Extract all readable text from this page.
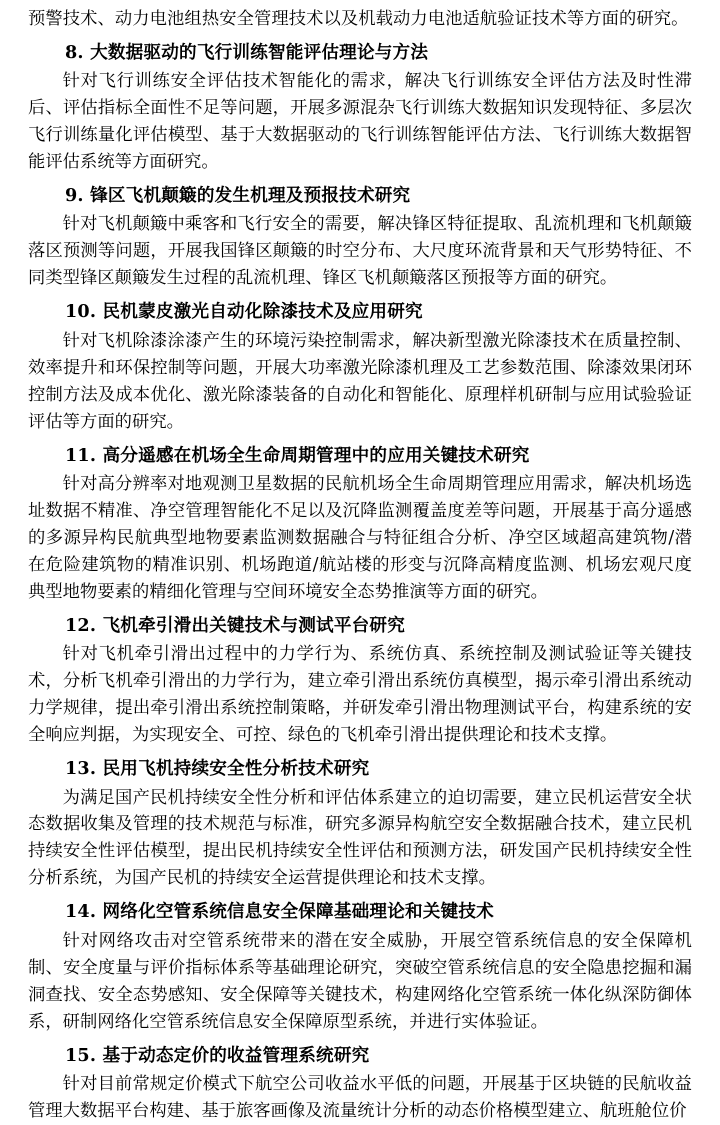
预警技术、动力电池组热安全管理技术以及机载动力电池适航验证技术等方面的研究。

8. 大数据驱动的飞行训练智能评估理论与方法

针对飞行训练安全评估技术智能化的需求，解决飞行训练安全评估方法及时性滞后、评估指标全面性不足等问题，开展多源混杂飞行训练大数据知识发现特征、多层次飞行训练量化评估模型、基于大数据驱动的飞行训练智能评估方法、飞行训练大数据智能评估系统等方面研究。

9. 锋区飞机颠簸的发生机理及预报技术研究

针对飞机颠簸中乘客和飞行安全的需要，解决锋区特征提取、乱流机理和飞机颠簸落区预测等问题，开展我国锋区颠簸的时空分布、大尺度环流背景和天气形势特征、不同类型锋区颠簸发生过程的乱流机理、锋区飞机颠簸落区预报等方面的研究。

10. 民机蒙皮激光自动化除漆技术及应用研究

针对飞机除漆涂漆产生的环境污染控制需求，解决新型激光除漆技术在质量控制、效率提升和环保控制等问题，开展大功率激光除漆机理及工艺参数范围、除漆效果闭环控制方法及成本优化、激光除漆装备的自动化和智能化、原理样机研制与应用试验验证评估等方面的研究。

11. 高分遥感在机场全生命周期管理中的应用关键技术研究

针对高分辨率对地观测卫星数据的民航机场全生命周期管理应用需求，解决机场选址数据不精准、净空管理智能化不足以及沉降监测覆盖度差等问题，开展基于高分遥感的多源异构民航典型地物要素监测数据融合与特征组合分析、净空区域超高建筑物/潜在危险建筑物的精准识别、机场跑道/航站楼的形变与沉降高精度监测、机场宏观尺度典型地物要素的精细化管理与空间环境安全态势推演等方面的研究。

12. 飞机牵引滑出关键技术与测试平台研究

针对飞机牵引滑出过程中的力学行为、系统仿真、系统控制及测试验证等关键技术，分析飞机牵引滑出的力学行为，建立牵引滑出系统仿真模型，揭示牵引滑出系统动力学规律，提出牵引滑出系统控制策略，并研发牵引滑出物理测试平台，构建系统的安全响应判据，为实现安全、可控、绿色的飞机牵引滑出提供理论和技术支撑。

13. 民用飞机持续安全性分析技术研究

为满足国产民机持续安全性分析和评估体系建立的迫切需要，建立民机运营安全状态数据收集及管理的技术规范与标准，研究多源异构航空安全数据融合技术，建立民机持续安全性评估模型，提出民机持续安全性评估和预测方法，研发国产民机持续安全性分析系统，为国产民机的持续安全运营提供理论和技术支撑。

14. 网络化空管系统信息安全保障基础理论和关键技术

针对网络攻击对空管系统带来的潜在安全威胁，开展空管系统信息的安全保障机制、安全度量与评价指标体系等基础理论研究，突破空管系统信息的安全隐患挖掘和漏洞查找、安全态势感知、安全保障等关键技术，构建网络化空管系统一体化纵深防御体系，研制网络化空管系统信息安全保障原型系统，并进行实体验证。

15. 基于动态定价的收益管理系统研究

针对目前常规定价模式下航空公司收益水平低的问题，开展基于区块链的民航收益管理大数据平台构建、基于旅客画像及流量统计分析的动态价格模型建立、航班舱位价
